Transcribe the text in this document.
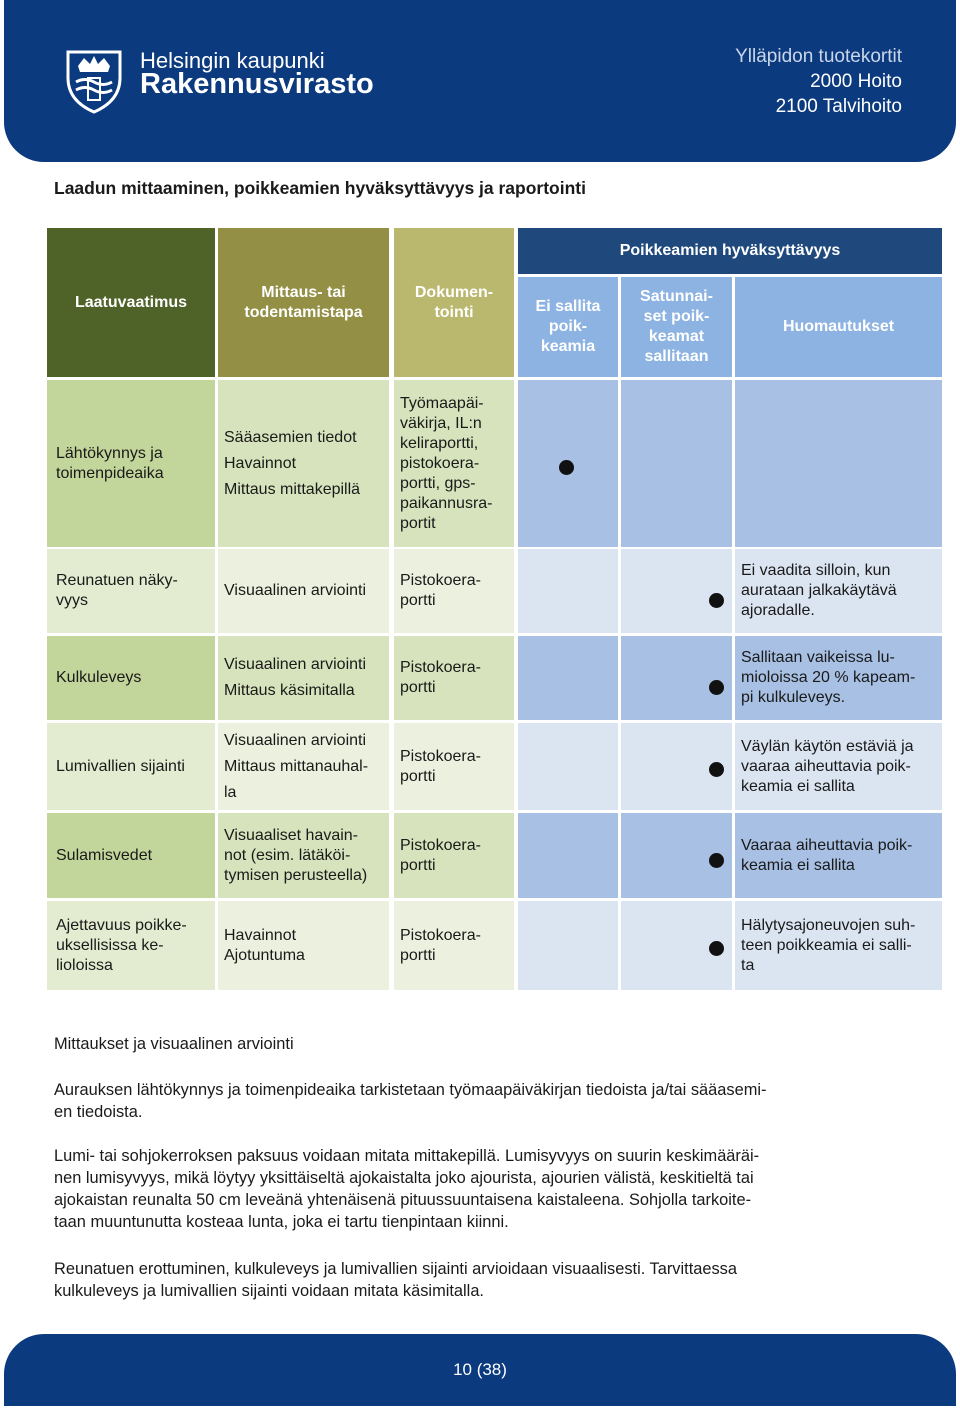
Helsingin kaupunki
Rakennusvirasto
Ylläpidon tuotekortit
2000 Hoito
2100 Talvihoito
Laadun mittaaminen, poikkeamien hyväksyttävyys ja raportointi
Poikkeamien hyväksyttävyys
Laatuvaatimus
Mittaus- tai
todentamistapa
Dokumen-
tointi	Ei sallita
poik-
keamia
Satunnai-
set poik-
keamat
sallitaan
Huomautukset
Lähtökynnys ja
toimenpideaika
Sääasemien tiedot
Havainnot
Mittaus mittakepillä
Työmaapäi-
väkirja, IL:n
keliraportti,
pistokoera-
portti, gps-
paikannusra-
portit
Reunatuen näky-
vyys
Visuaalinen arviointi
Pistokoera-
portti
Ei vaadita silloin, kun
aurataan jalkakäytävä
ajoradalle.
Kulkuleveys
Visuaalinen arviointi
Mittaus käsimitalla
Pistokoera-
portti
Sallitaan vaikeissa lu-
mioloissa 20 % kapeam-
pi kulkuleveys.
Lumivallien sijainti
Visuaalinen arviointi
Mittaus mittanauhal-
la
Pistokoera-
portti
Väylän käytön estäviä ja
vaaraa aiheuttavia poik-
keamia ei sallita
Sulamisvedet
Visuaaliset havain-
not (esim. lätäköi-
tymisen perusteella)
Pistokoera-
portti
Vaaraa aiheuttavia poik-
keamia ei sallita
Ajettavuus poikke-
uksellisissa ke-
lioloissa
Havainnot
Ajotuntuma
Pistokoera-
portti
Hälytysajoneuvojen suh-
teen poikkeamia ei salli-
ta
Mittaukset ja visuaalinen arviointi
Aurauksen lähtökynnys ja toimenpideaika tarkistetaan työmaapäiväkirjan tiedoista ja/tai sääasemi-
en tiedoista.
Lumi- tai sohjokerroksen paksuus voidaan mitata mittakepillä. Lumisyvyys on suurin keskimääräi-
nen lumisyvyys, mikä löytyy yksittäiseltä ajokaistalta joko ajourista, ajourien välistä, keskitieltä tai
ajokaistan reunalta 50 cm leveänä yhtenäisenä pituussuuntaisena kaistaleena. Sohjolla tarkoite-
taan muuntunutta kosteaa lunta, joka ei tartu tienpintaan kiinni.
Reunatuen erottuminen, kulkuleveys ja lumivallien sijainti arvioidaan visuaalisesti. Tarvittaessa
kulkuleveys ja lumivallien sijainti voidaan mitata käsimitalla.
10 (38)
